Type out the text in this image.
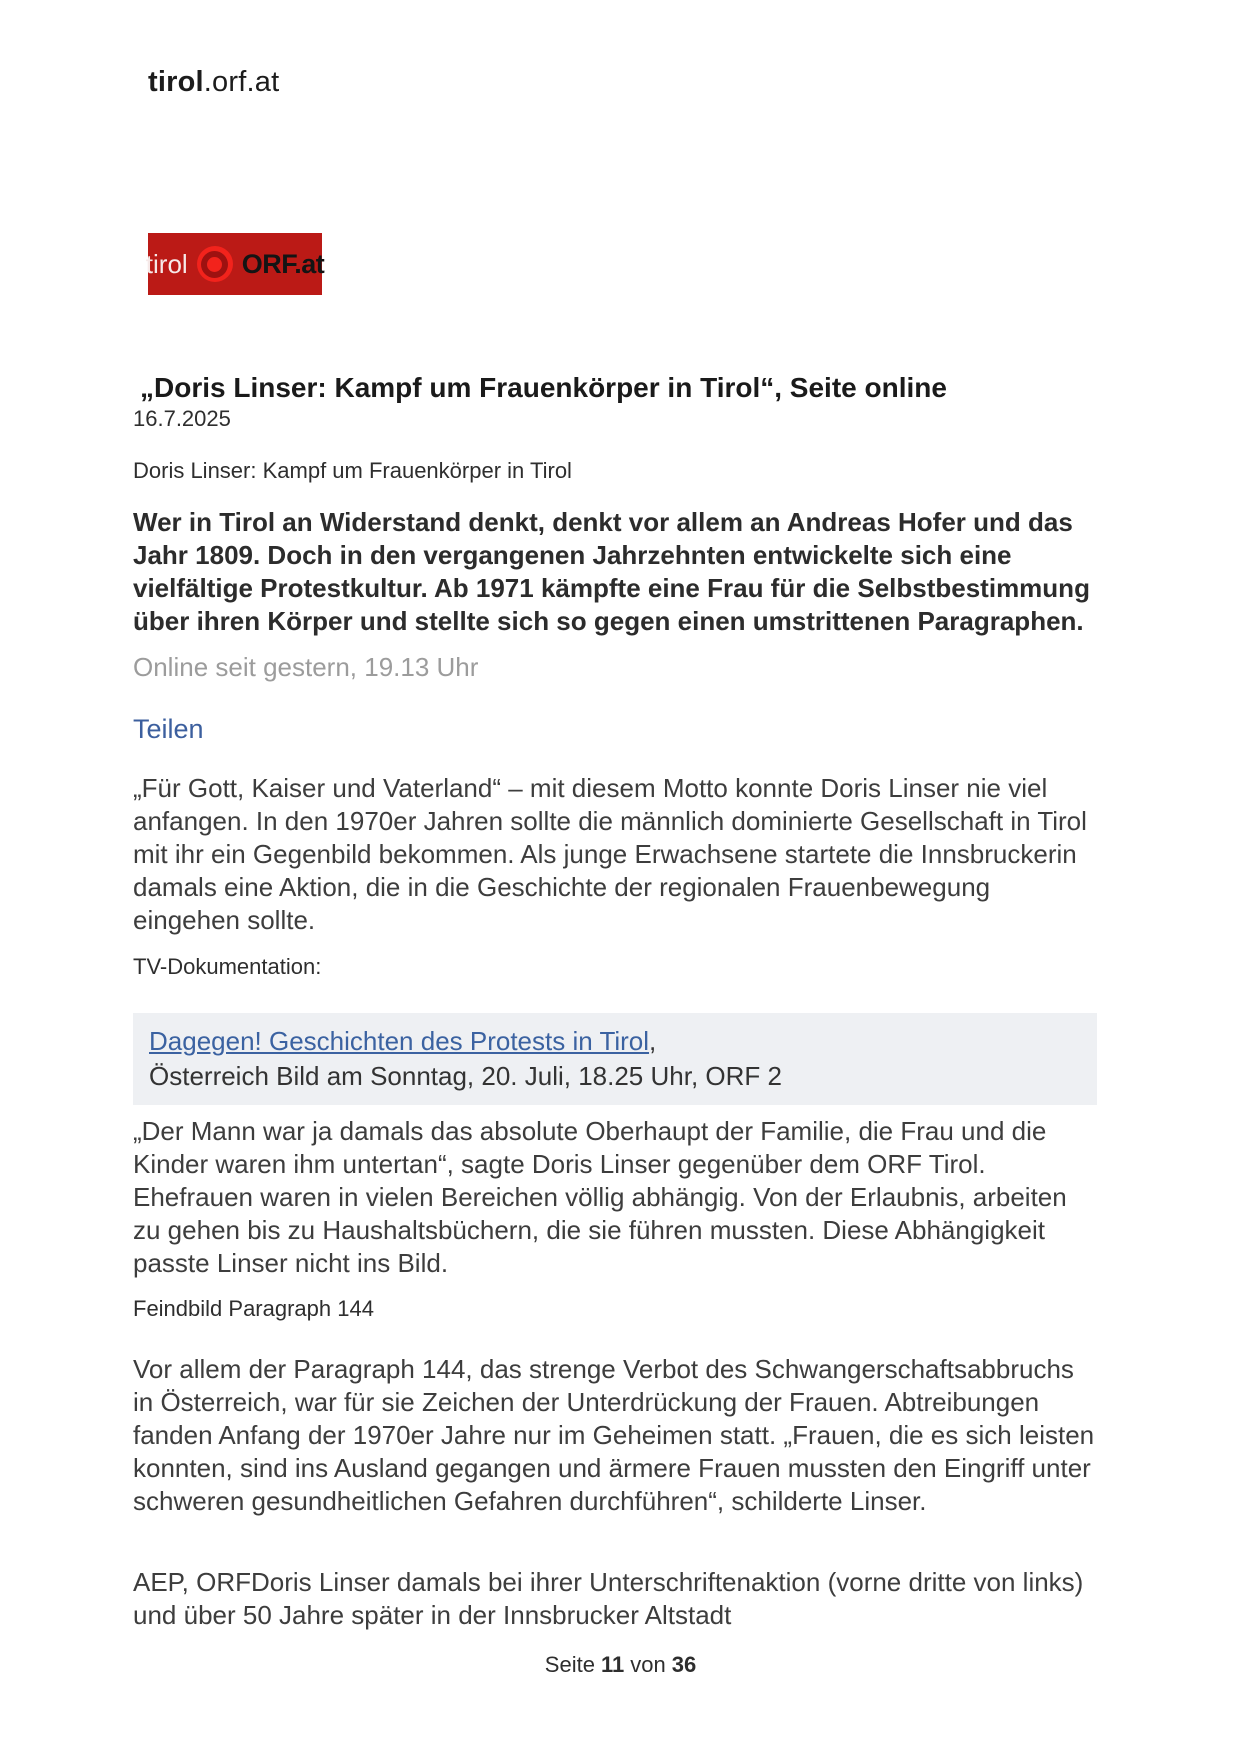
tirol.orf.at
tirol ORF.at
„Doris Linser: Kampf um Frauenkörper in Tirol“, Seite online
16.7.2025
Doris Linser: Kampf um Frauenkörper in Tirol
Wer in Tirol an Widerstand denkt, denkt vor allem an Andreas Hofer und das Jahr 1809. Doch in den vergangenen Jahrzehnten entwickelte sich eine vielfältige Protestkultur. Ab 1971 kämpfte eine Frau für die Selbstbestimmung über ihren Körper und stellte sich so gegen einen umstrittenen Paragraphen.
Online seit gestern, 19.13 Uhr
Teilen
„Für Gott, Kaiser und Vaterland“ – mit diesem Motto konnte Doris Linser nie viel anfangen. In den 1970er Jahren sollte die männlich dominierte Gesellschaft in Tirol mit ihr ein Gegenbild bekommen. Als junge Erwachsene startete die Innsbruckerin damals eine Aktion, die in die Geschichte der regionalen Frauenbewegung eingehen sollte.
TV-Dokumentation:
Dagegen! Geschichten des Protests in Tirol,
Österreich Bild am Sonntag, 20. Juli, 18.25 Uhr, ORF 2
„Der Mann war ja damals das absolute Oberhaupt der Familie, die Frau und die Kinder waren ihm untertan“, sagte Doris Linser gegenüber dem ORF Tirol. Ehefrauen waren in vielen Bereichen völlig abhängig. Von der Erlaubnis, arbeiten zu gehen bis zu Haushaltsbüchern, die sie führen mussten. Diese Abhängigkeit passte Linser nicht ins Bild.
Feindbild Paragraph 144
Vor allem der Paragraph 144, das strenge Verbot des Schwangerschaftsabbruchs in Österreich, war für sie Zeichen der Unterdrückung der Frauen. Abtreibungen fanden Anfang der 1970er Jahre nur im Geheimen statt. „Frauen, die es sich leisten konnten, sind ins Ausland gegangen und ärmere Frauen mussten den Eingriff unter schweren gesundheitlichen Gefahren durchführen“, schilderte Linser.
AEP, ORFDoris Linser damals bei ihrer Unterschriftenaktion (vorne dritte von links) und über 50 Jahre später in der Innsbrucker Altstadt
Seite 11 von 36
